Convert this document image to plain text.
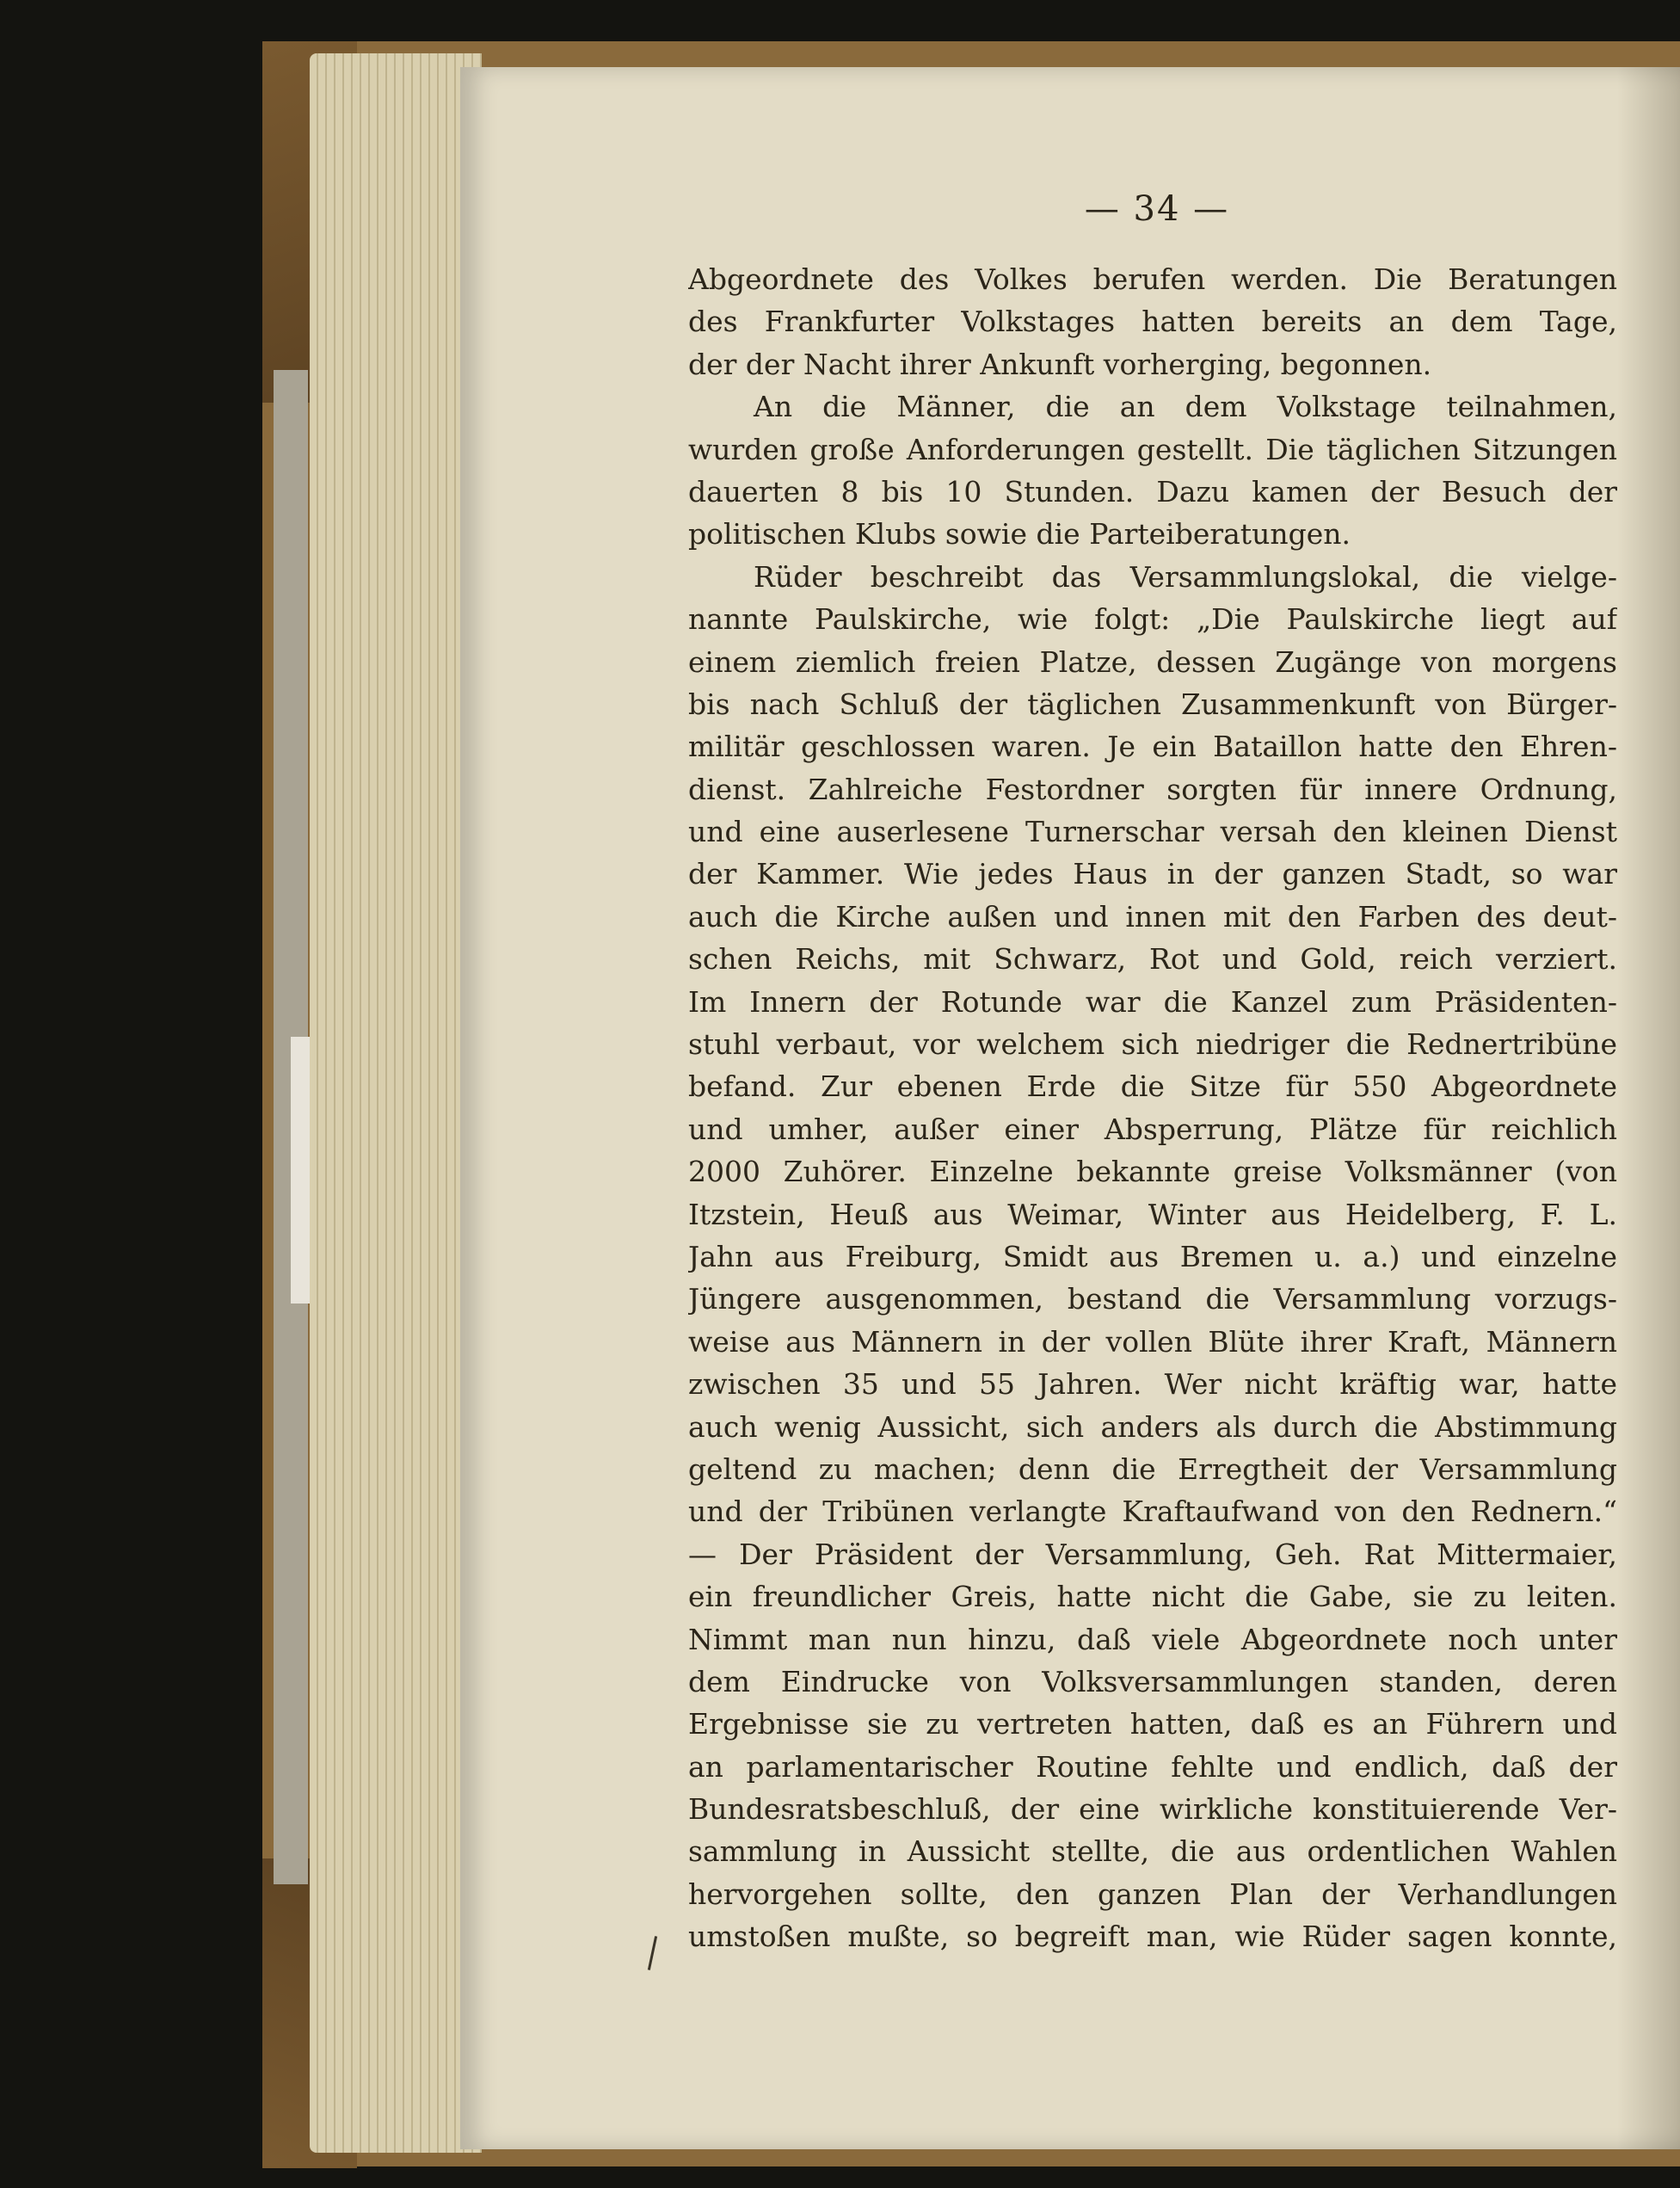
— 34 —
Abgeordnete des Volkes berufen werden. Die Beratungen
des Frankfurter Volkstages hatten bereits an dem Tage,
der der Nacht ihrer Ankunft vorherging, begonnen.
An die Männer, die an dem Volkstage teilnahmen,
wurden große Anforderungen gestellt. Die täglichen Sitzungen
dauerten 8 bis 10 Stunden. Dazu kamen der Besuch der
politischen Klubs sowie die Parteiberatungen.
Rüder beschreibt das Versammlungslokal, die vielge-
nannte Paulskirche, wie folgt: „Die Paulskirche liegt auf
einem ziemlich freien Platze, dessen Zugänge von morgens
bis nach Schluß der täglichen Zusammenkunft von Bürger-
militär geschlossen waren. Je ein Bataillon hatte den Ehren-
dienst. Zahlreiche Festordner sorgten für innere Ordnung,
und eine auserlesene Turnerschar versah den kleinen Dienst
der Kammer. Wie jedes Haus in der ganzen Stadt, so war
auch die Kirche außen und innen mit den Farben des deut-
schen Reichs, mit Schwarz, Rot und Gold, reich verziert.
Im Innern der Rotunde war die Kanzel zum Präsidenten-
stuhl verbaut, vor welchem sich niedriger die Rednertribüne
befand. Zur ebenen Erde die Sitze für 550 Abgeordnete
und umher, außer einer Absperrung, Plätze für reichlich
2000 Zuhörer. Einzelne bekannte greise Volksmänner (von
Itzstein, Heuß aus Weimar, Winter aus Heidelberg, F. L.
Jahn aus Freiburg, Smidt aus Bremen u. a.) und einzelne
Jüngere ausgenommen, bestand die Versammlung vorzugs-
weise aus Männern in der vollen Blüte ihrer Kraft, Männern
zwischen 35 und 55 Jahren. Wer nicht kräftig war, hatte
auch wenig Aussicht, sich anders als durch die Abstimmung
geltend zu machen; denn die Erregtheit der Versammlung
und der Tribünen verlangte Kraftaufwand von den Rednern.“
— Der Präsident der Versammlung, Geh. Rat Mittermaier,
ein freundlicher Greis, hatte nicht die Gabe, sie zu leiten.
Nimmt man nun hinzu, daß viele Abgeordnete noch unter
dem Eindrucke von Volksversammlungen standen, deren
Ergebnisse sie zu vertreten hatten, daß es an Führern und
an parlamentarischer Routine fehlte und endlich, daß der
Bundesratsbeschluß, der eine wirkliche konstituierende Ver-
sammlung in Aussicht stellte, die aus ordentlichen Wahlen
hervorgehen sollte, den ganzen Plan der Verhandlungen
umstoßen mußte, so begreift man, wie Rüder sagen konnte,
